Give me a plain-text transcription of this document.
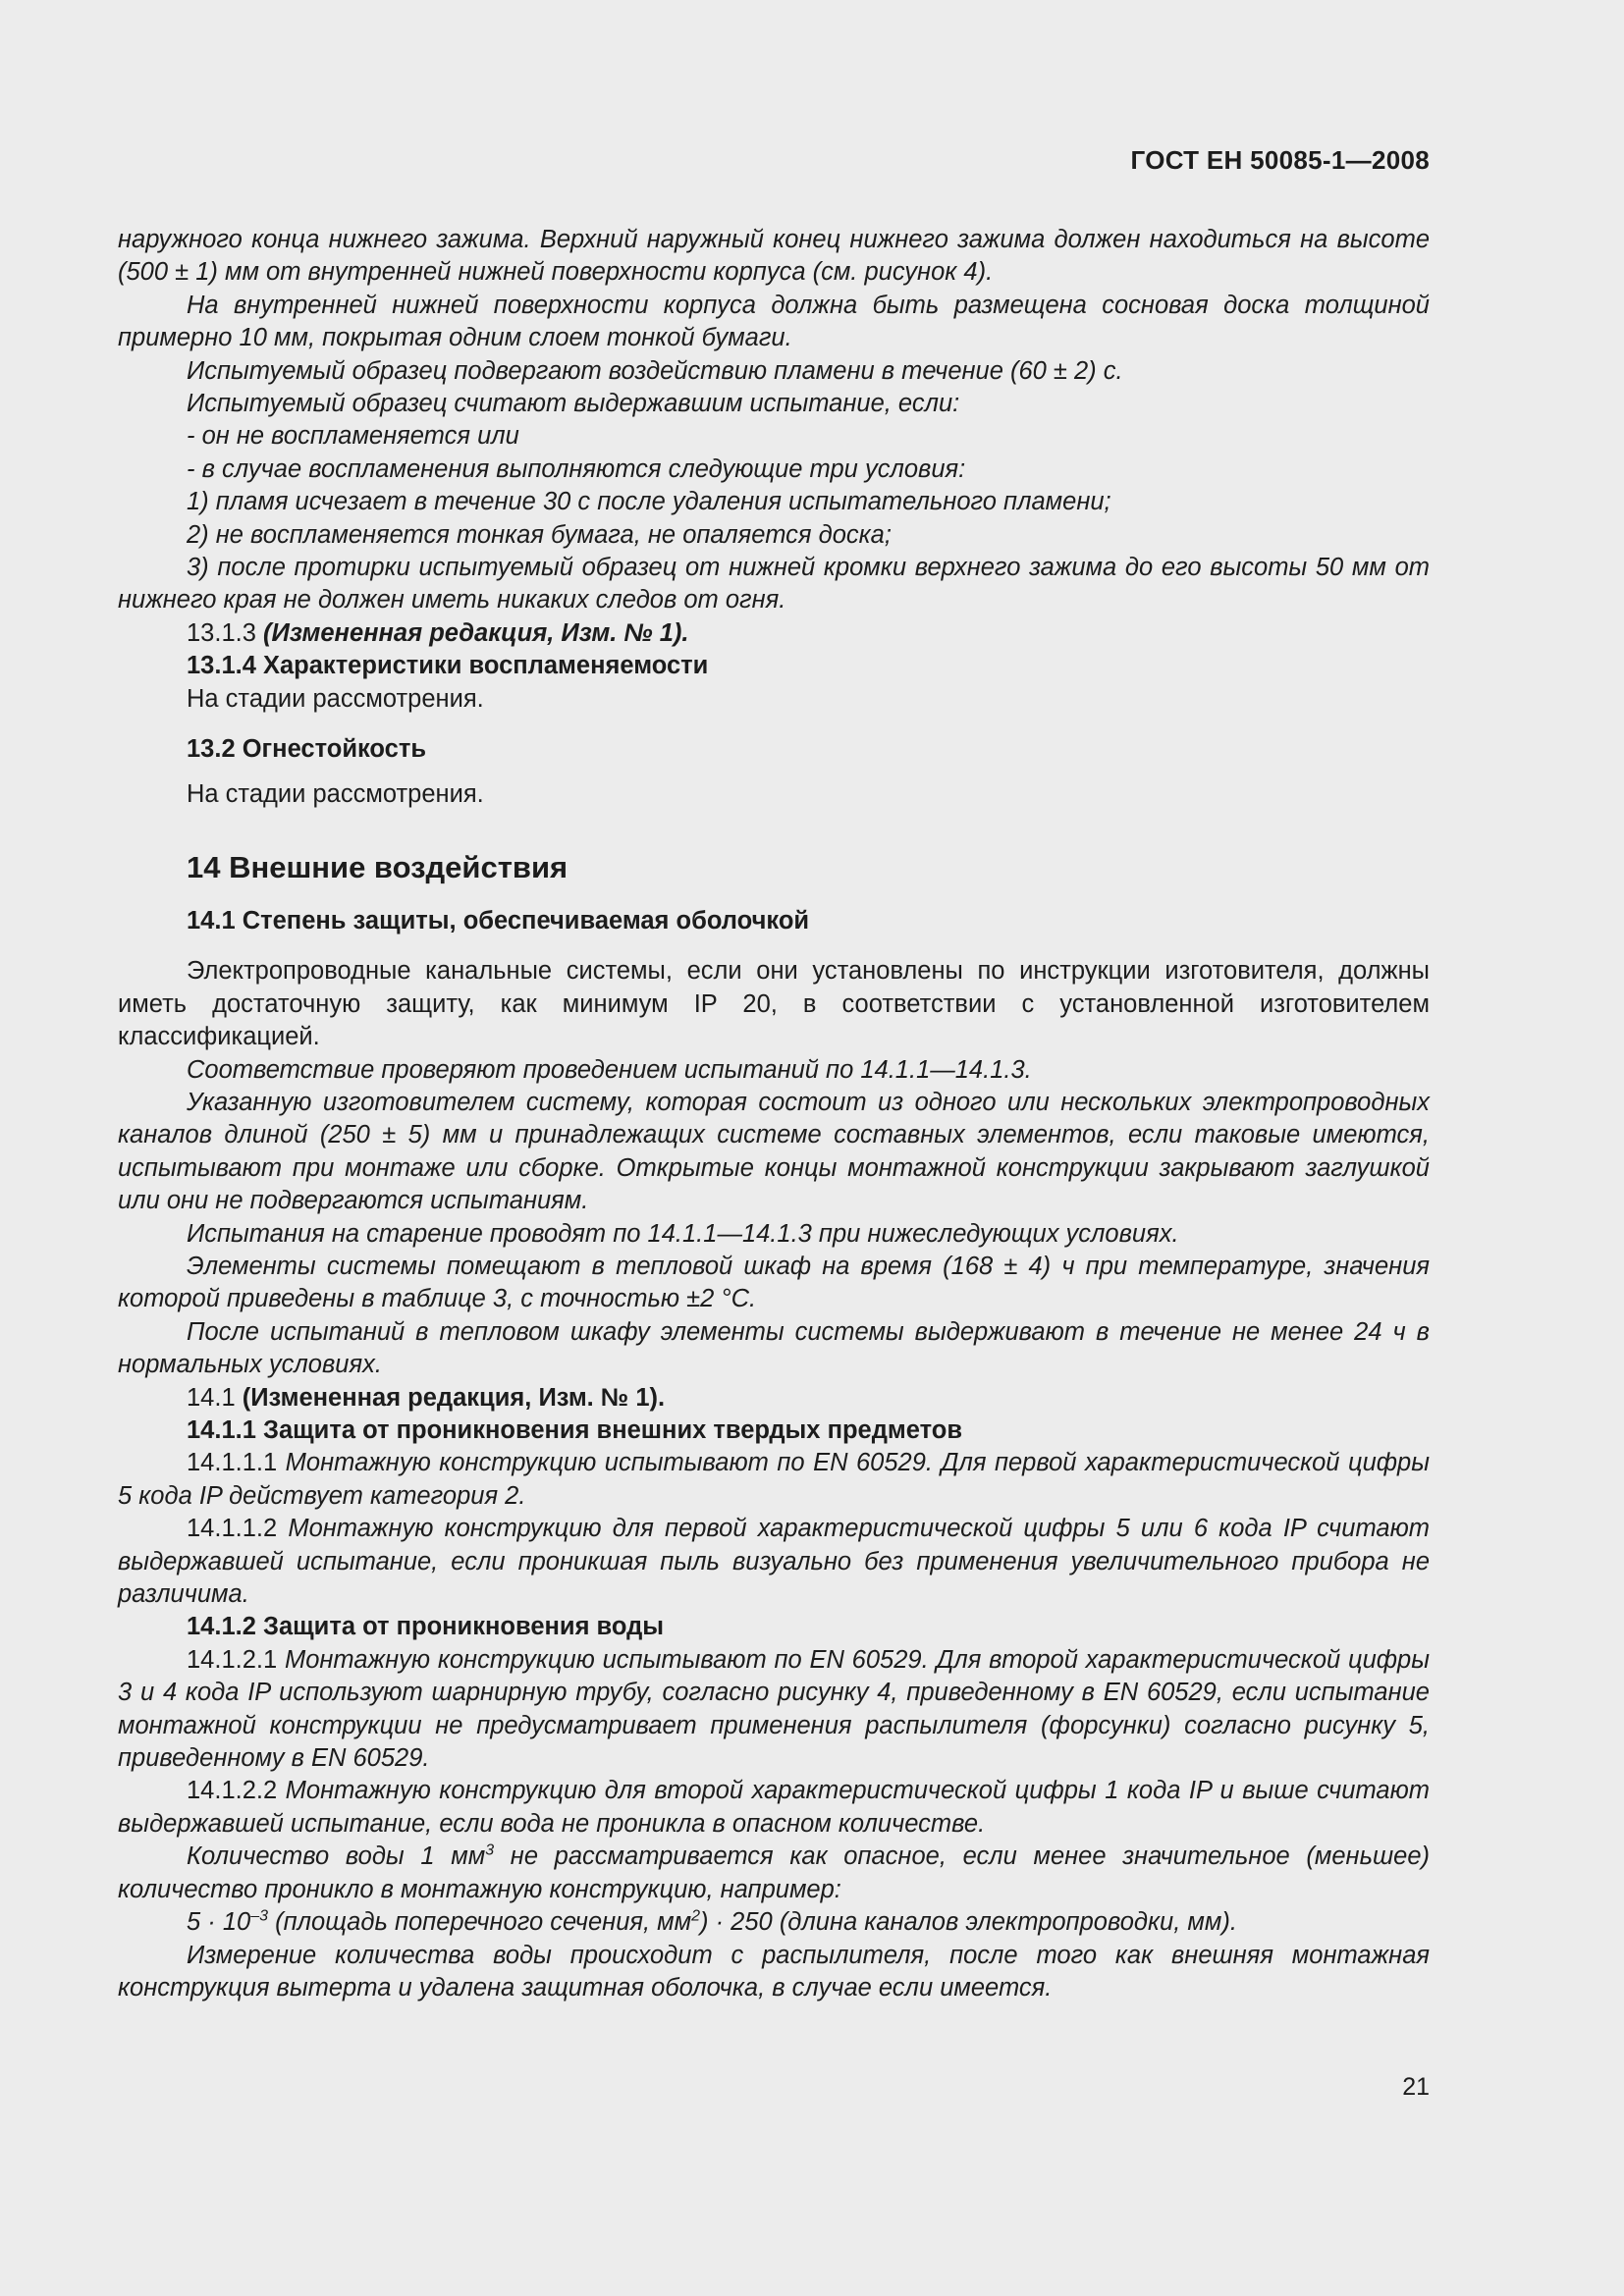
ГОСТ ЕН 50085-1—2008

наружного конца нижнего зажима. Верхний наружный конец нижнего зажима должен находиться на высоте (500 ± 1) мм от внутренней нижней поверхности корпуса (см. рисунок 4).

На внутренней нижней поверхности корпуса должна быть размещена сосновая доска толщиной примерно 10 мм, покрытая одним слоем тонкой бумаги.

Испытуемый образец подвергают воздействию пламени в течение (60 ± 2) с.

Испытуемый образец считают выдержавшим испытание, если:

- он не воспламеняется или

- в случае воспламенения выполняются следующие три условия:

1) пламя исчезает в течение 30 с после удаления испытательного пламени;

2) не воспламеняется тонкая бумага, не опаляется доска;

3) после протирки испытуемый образец от нижней кромки верхнего зажима до его высоты 50 мм от нижнего края не должен иметь никаких следов от огня.

13.1.3 (Измененная редакция, Изм. № 1).

13.1.4 Характеристики воспламеняемости

На стадии рассмотрения.

13.2 Огнестойкость

На стадии рассмотрения.

14 Внешние воздействия

14.1 Степень защиты, обеспечиваемая оболочкой

Электропроводные канальные системы, если они установлены по инструкции изготовителя, должны иметь достаточную защиту, как минимум IP 20, в соответствии с установленной изготовителем классификацией.

Соответствие проверяют проведением испытаний по 14.1.1—14.1.3.

Указанную изготовителем систему, которая состоит из одного или нескольких электропроводных каналов длиной (250 ± 5) мм и принадлежащих системе составных элементов, если таковые имеются, испытывают при монтаже или сборке. Открытые концы монтажной конструкции закрывают заглушкой или они не подвергаются испытаниям.

Испытания на старение проводят по 14.1.1—14.1.3 при нижеследующих условиях.

Элементы системы помещают в тепловой шкаф на время (168 ± 4) ч при температуре, значения которой приведены в таблице 3, с точностью ±2 °С.

После испытаний в тепловом шкафу элементы системы выдерживают в течение не менее 24 ч в нормальных условиях.

14.1 (Измененная редакция, Изм. № 1).

14.1.1 Защита от проникновения внешних твердых предметов

14.1.1.1 Монтажную конструкцию испытывают по EN 60529. Для первой характеристической цифры 5 кода IP действует категория 2.

14.1.1.2 Монтажную конструкцию для первой характеристической цифры 5 или 6 кода IP считают выдержавшей испытание, если проникшая пыль визуально без применения увеличительного прибора не различима.

14.1.2 Защита от проникновения воды

14.1.2.1 Монтажную конструкцию испытывают по EN 60529. Для второй характеристической цифры 3 и 4 кода IP используют шарнирную трубу, согласно рисунку 4, приведенному в EN 60529, если испытание монтажной конструкции не предусматривает применения распылителя (форсунки) согласно рисунку 5, приведенному в EN 60529.

14.1.2.2 Монтажную конструкцию для второй характеристической цифры 1 кода IP и выше считают выдержавшей испытание, если вода не проникла в опасном количестве.

Количество воды 1 $мм^3$ не рассматривается как опасное, если менее значительное (меньшее) количество проникло в монтажную конструкцию, например:

$5 \cdot 10^{-3}$ (площадь поперечного сечения, $мм^2) \cdot 250$ (длина каналов электропроводки, мм).

Измерение количества воды происходит с распылителя, после того как внешняя монтажная конструкция вытерта и удалена защитная оболочка, в случае если имеется.

21
